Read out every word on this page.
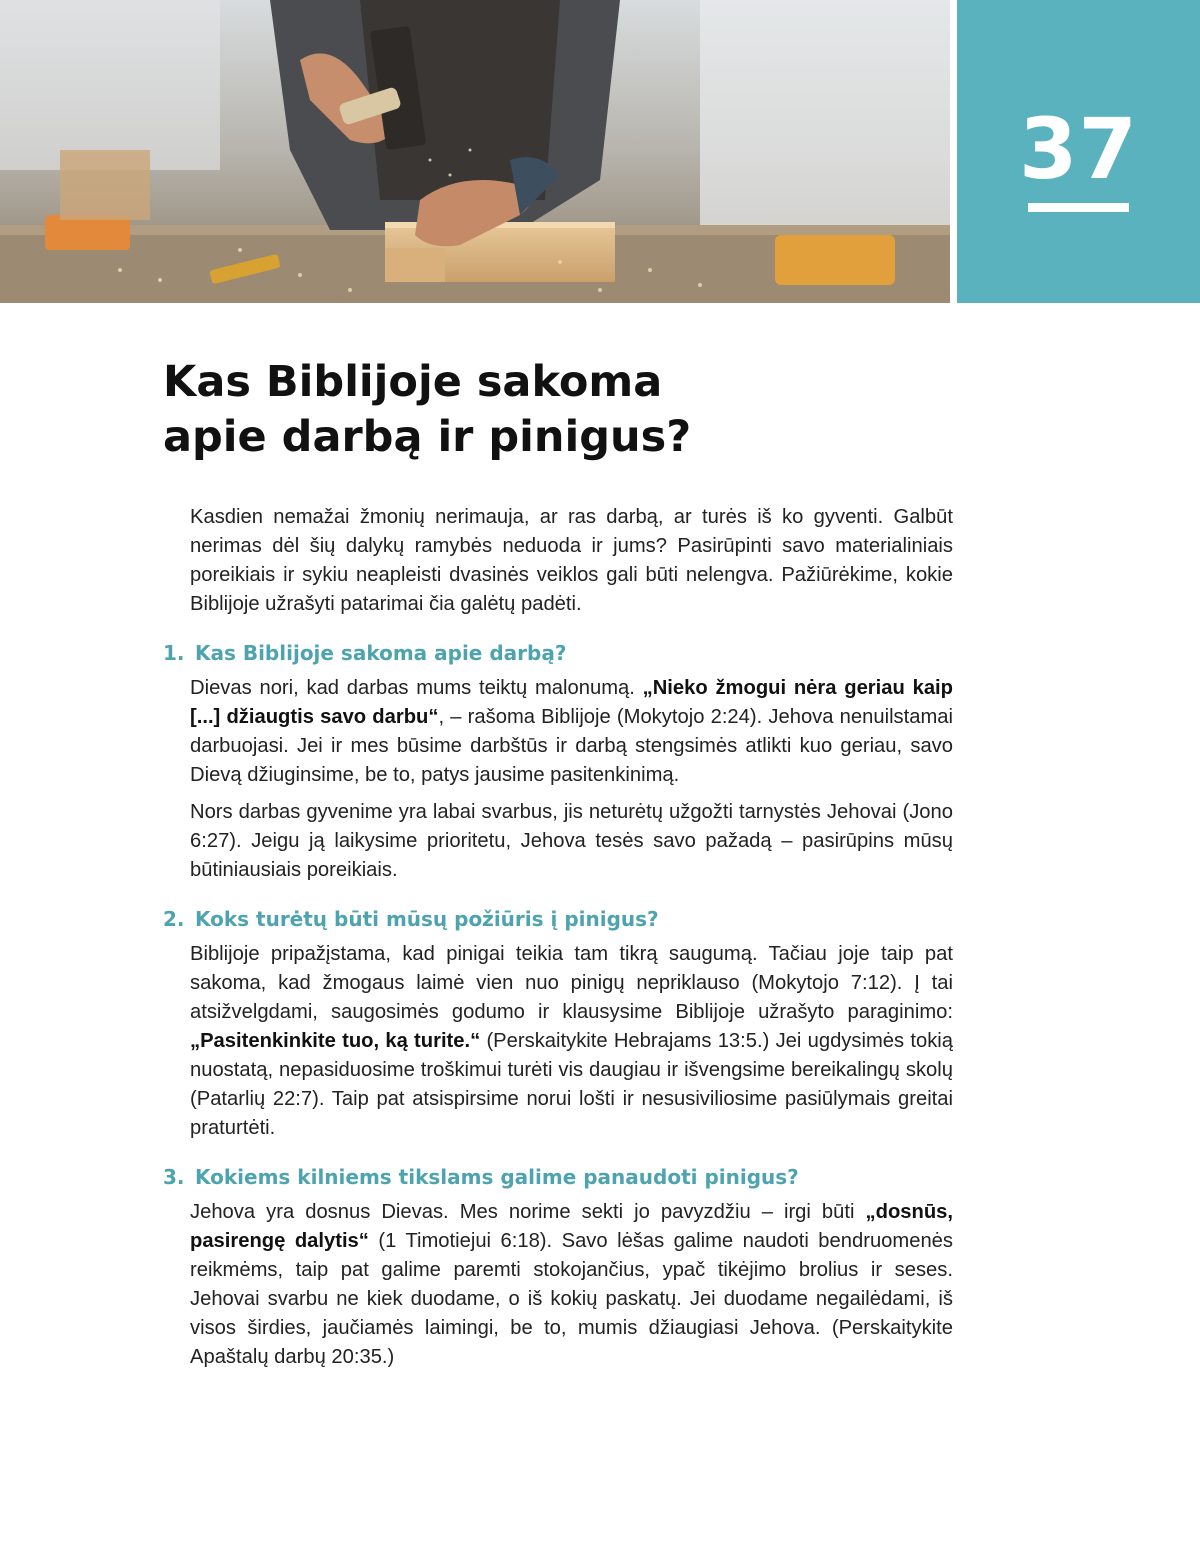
37
Kas Biblijoje sakoma
apie darbą ir pinigus?

Kasdien nemažai žmonių nerimauja, ar ras darbą, ar turės iš ko gyventi. Galbūt nerimas dėl šių dalykų ramybės neduoda ir jums? Pasirūpinti savo materialiniais poreikiais ir sykiu neapleisti dvasinės veiklos gali būti nelengva. Pažiūrėkime, kokie Biblijoje užrašyti patarimai čia galėtų padėti.

1. Kas Biblijoje sakoma apie darbą?

Dievas nori, kad darbas mums teiktų malonumą. „Nieko žmogui nėra geriau kaip [...] džiaugtis savo darbu“, – rašoma Biblijoje (Mokytojo 2:24). Jehova nenuilstamai darbuojasi. Jei ir mes būsime darbštūs ir darbą stengsimės atlikti kuo geriau, savo Dievą džiuginsime, be to, patys jausime pasitenkinimą.

Nors darbas gyvenime yra labai svarbus, jis neturėtų užgožti tarnystės Jehovai (Jono 6:27). Jeigu ją laikysime prioritetu, Jehova tesės savo pažadą – pasirūpins mūsų būtiniausiais poreikiais.

2. Koks turėtų būti mūsų požiūris į pinigus?

Biblijoje pripažįstama, kad pinigai teikia tam tikrą saugumą. Tačiau joje taip pat sakoma, kad žmogaus laimė vien nuo pinigų nepriklauso (Mokytojo 7:12). Į tai atsižvelgdami, saugosimės godumo ir klausysime Biblijoje užrašyto paraginimo: „Pasitenkinkite tuo, ką turite.“ (Perskaitykite Hebrajams 13:5.) Jei ugdysimės tokią nuostatą, nepasiduosime troškimui turėti vis daugiau ir išvengsime bereikalingų skolų (Patarlių 22:7). Taip pat atsispirsime norui lošti ir nesusiviliosime pasiūlymais greitai praturtėti.

3. Kokiems kilniems tikslams galime panaudoti pinigus?

Jehova yra dosnus Dievas. Mes norime sekti jo pavyzdžiu – irgi būti „dosnūs, pasirengę dalytis“ (1 Timotiejui 6:18). Savo lėšas galime naudoti bendruomenės reikmėms, taip pat galime paremti stokojančius, ypač tikėjimo brolius ir seses. Jehovai svarbu ne kiek duodame, o iš kokių paskatų. Jei duodame negailėdami, iš visos širdies, jaučiamės laimingi, be to, mumis džiaugiasi Jehova. (Perskaitykite Apaštalų darbų 20:35.)
